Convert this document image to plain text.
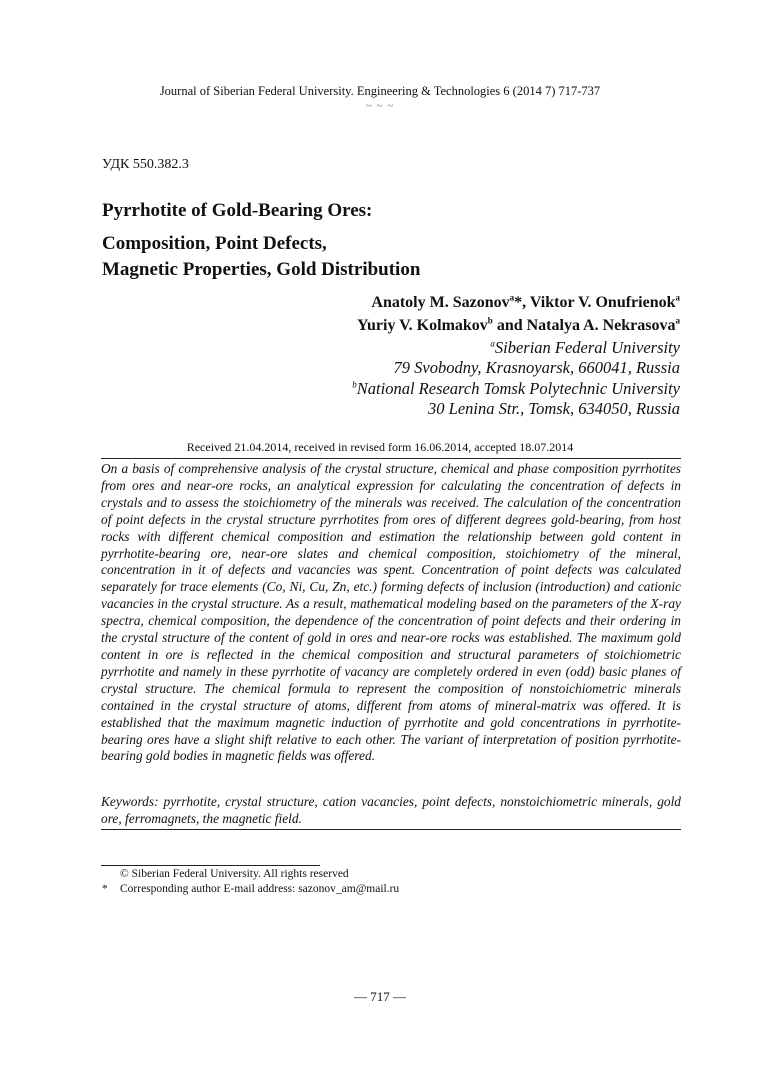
Journal of Siberian Federal University. Engineering & Technologies 6 (2014 7) 717-737
~ ~ ~
УДК 550.382.3
Pyrrhotite of Gold-Bearing Ores:
Composition, Point Defects,
Magnetic Properties, Gold Distribution
Anatoly M. Sazonov$^a$*, Viktor V. Onufrienok$^a$
Yuriy V. Kolmakov$^b$ and Natalya A. Nekrasova$^a$
$^a$Siberian Federal University
79 Svobodny, Krasnoyarsk, 660041, Russia
$^b$National Research Tomsk Polytechnic University
30 Lenina Str., Tomsk, 634050, Russia
Received 21.04.2014, received in revised form 16.06.2014, accepted 18.07.2014

On a basis of comprehensive analysis of the crystal structure, chemical and phase composition pyrrhotites from ores and near-ore rocks, an analytical expression for calculating the concentration of defects in crystals and to assess the stoichiometry of the minerals was received. The calculation of the concentration of point defects in the crystal structure pyrrhotites from ores of different degrees gold-bearing, from host rocks with different chemical composition and estimation the relationship between gold content in pyrrhotite-bearing ore, near-ore slates and chemical composition, stoichiometry of the mineral, concentration in it of defects and vacancies was spent. Concentration of point defects was calculated separately for trace elements (Co, Ni, Cu, Zn, etc.) forming defects of inclusion (introduction) and cationic vacancies in the crystal structure. As a result, mathematical modeling based on the parameters of the X-ray spectra, chemical composition, the dependence of the concentration of point defects and their ordering in the crystal structure of the content of gold in ores and near-ore rocks was established. The maximum gold content in ore is reflected in the chemical composition and structural parameters of stoichiometric pyrrhotite and namely in these pyrrhotite of vacancy are completely ordered in even (odd) basic planes of crystal structure. The chemical formula to represent the composition of nonstoichiometric minerals contained in the crystal structure of atoms, different from atoms of mineral-matrix was offered. It is established that the maximum magnetic induction of pyrrhotite and gold concentrations in pyrrhotite-bearing ores have a slight shift relative to each other. The variant of interpretation of position pyrrhotite-bearing gold bodies in magnetic fields was offered.

Keywords: pyrrhotite, crystal structure, cation vacancies, point defects, nonstoichiometric minerals, gold ore, ferromagnets, the magnetic field.

© Siberian Federal University. All rights reserved
* Corresponding author E-mail address: sazonov_am@mail.ru
— 717 —
